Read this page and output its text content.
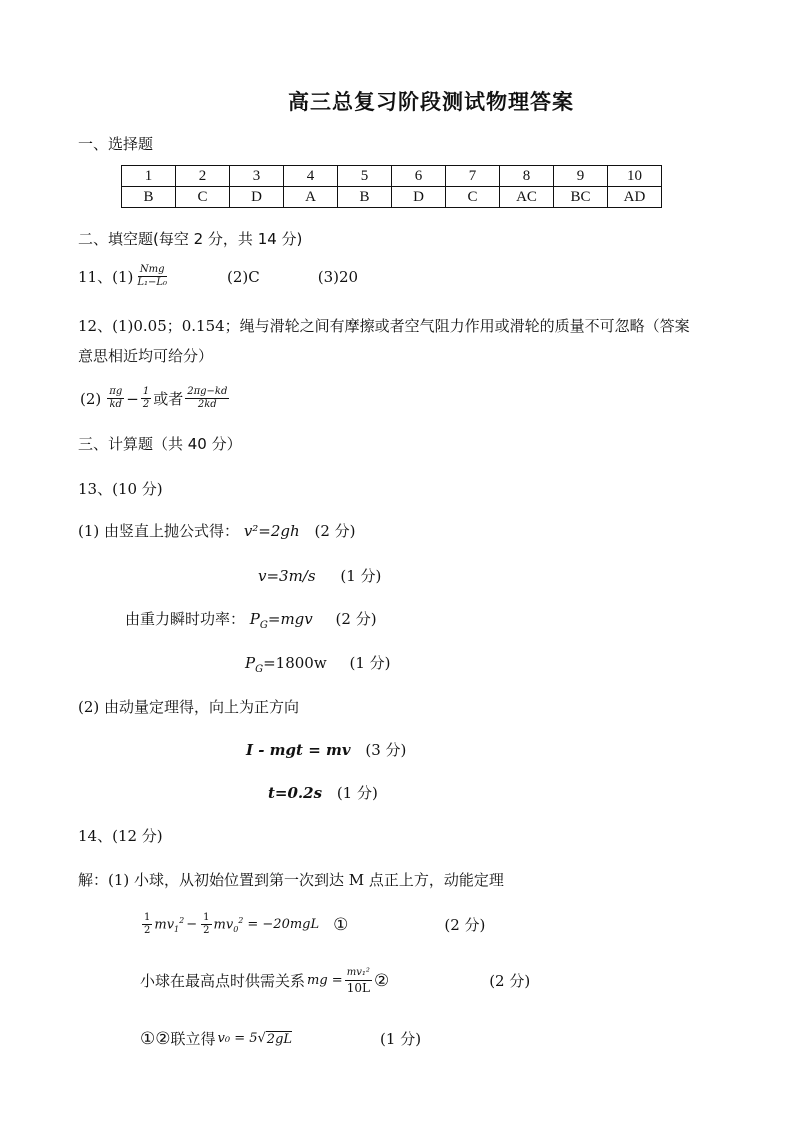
高三总复习阶段测试物理答案
一、选择题
1	2	3	4	5	6	7	8	9	10
B	C	D	A	B	D	C	AC	BC	AD
二、填空题(每空 2 分，共 14 分)
11、$(1) \frac{\text{Nmg}}{\text{L₁−L₀}}$	(2)C	(3)20
12、(1)0.05；0.154；绳与滑轮之间有摩擦或者空气阻力作用或滑轮的质量不可忽略（答案
意思相近均可给分）
$(2) \frac{\pi g}{kd} - \frac{1}{2}$ 或者 $\frac{2\pi g-kd}{2kd}$
三、计算题（共 40 分）
13、(10 分)
(1) 由竖直上抛公式得： v²=2gh (2 分)
v=3m/s (1 分)
由重力瞬时功率： $P_G=mgv$ (2 分)
$P_G=1800w$ (1 分)
(2) 由动量定理得，向上为正方向
I - mgt = mv (3 分)
t=0.2s (1 分)
14、(12 分)
解：(1) 小球，从初始位置到第一次到达 M 点正上方，动能定理
$\frac{1}{2} mv_1^2 - \frac{1}{2} mv_0^2 = -20mgL$ ①	(2 分)
小球在最高点时供需关系 mg = $\frac{\text{mv₁²}}{10L}$ ②	(2 分)
① ② 联立得 v₀ = 5 √ 2gL	(1 分)
